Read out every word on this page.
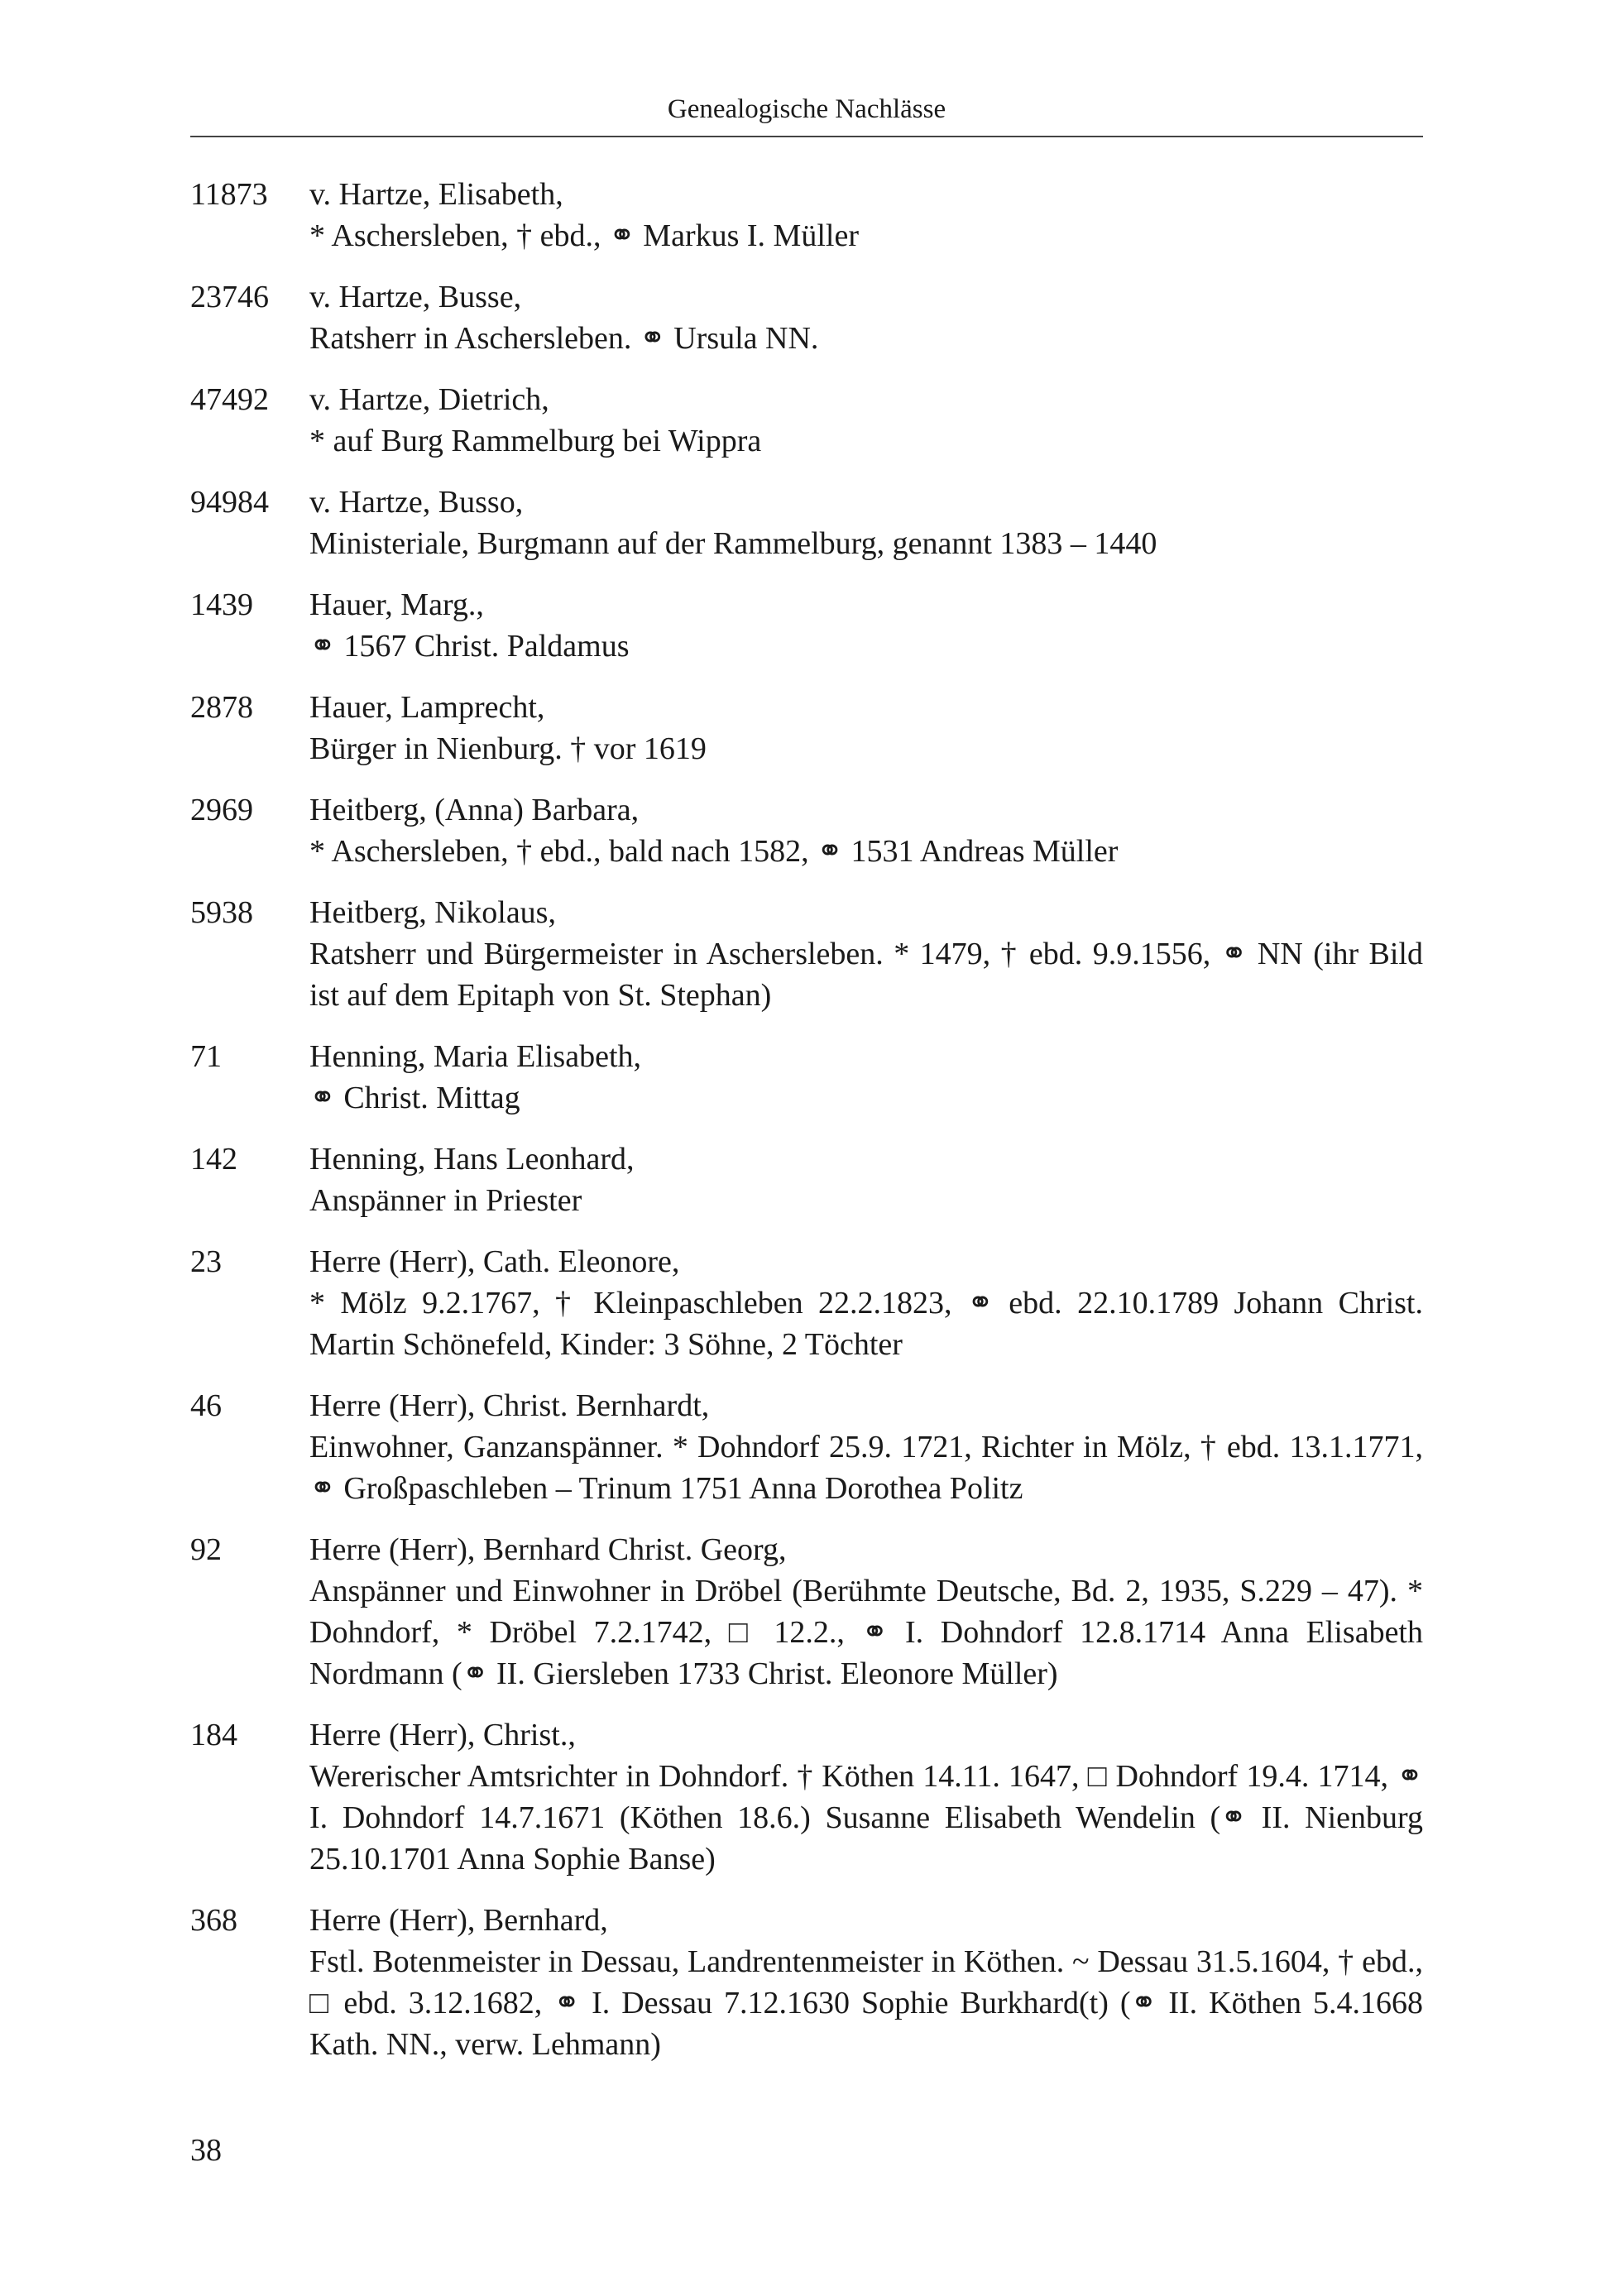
Genealogische Nachlässe
11873	v. Hartze, Elisabeth,
* Aschersleben, † ebd., ⚭ Markus I. Müller
23746	v. Hartze, Busse,
Ratsherr in Aschersleben. ⚭ Ursula NN.
47492	v. Hartze, Dietrich,
* auf Burg Rammelburg bei Wippra
94984	v. Hartze, Busso,
Ministeriale, Burgmann auf der Rammelburg, genannt 1383 – 1440
1439	Hauer, Marg.,
⚭ 1567 Christ. Paldamus
2878	Hauer, Lamprecht,
Bürger in Nienburg. † vor 1619
2969	Heitberg, (Anna) Barbara,
* Aschersleben, † ebd., bald nach 1582, ⚭ 1531 Andreas Müller
5938	Heitberg, Nikolaus,
Ratsherr und Bürgermeister in Aschersleben. * 1479, † ebd. 9.9.1556, ⚭ NN (ihr Bild ist auf dem Epitaph von St. Stephan)
71	Henning, Maria Elisabeth,
⚭ Christ. Mittag
142	Henning, Hans Leonhard,
Anspänner in Priester
23	Herre (Herr), Cath. Eleonore,
* Mölz 9.2.1767, † Kleinpaschleben 22.2.1823, ⚭ ebd. 22.10.1789 Johann Christ. Martin Schönefeld, Kinder: 3 Söhne, 2 Töchter
46	Herre (Herr), Christ. Bernhardt,
Einwohner, Ganzanspänner. * Dohndorf 25.9. 1721, Richter in Mölz, † ebd. 13.1.1771, ⚭ Großpaschleben – Trinum 1751 Anna Dorothea Politz
92	Herre (Herr), Bernhard Christ. Georg,
Anspänner und Einwohner in Dröbel (Berühmte Deutsche, Bd. 2, 1935, S.229 – 47). * Dohndorf, * Dröbel 7.2.1742, □ 12.2., ⚭ I. Dohndorf 12.8.1714 Anna Elisabeth Nordmann (⚭ II. Giersleben 1733 Christ. Eleonore Müller)
184	Herre (Herr), Christ.,
Wererischer Amtsrichter in Dohndorf. † Köthen 14.11. 1647, □ Dohndorf 19.4. 1714, ⚭ I. Dohndorf 14.7.1671 (Köthen 18.6.) Susanne Elisabeth Wendelin (⚭ II. Nienburg 25.10.1701 Anna Sophie Banse)
368	Herre (Herr), Bernhard,
Fstl. Botenmeister in Dessau, Landrentenmeister in Köthen. ~ Dessau 31.5.1604, † ebd., □ ebd. 3.12.1682, ⚭ I. Dessau 7.12.1630 Sophie Burkhard(t) (⚭ II. Köthen 5.4.1668 Kath. NN., verw. Lehmann)
38
